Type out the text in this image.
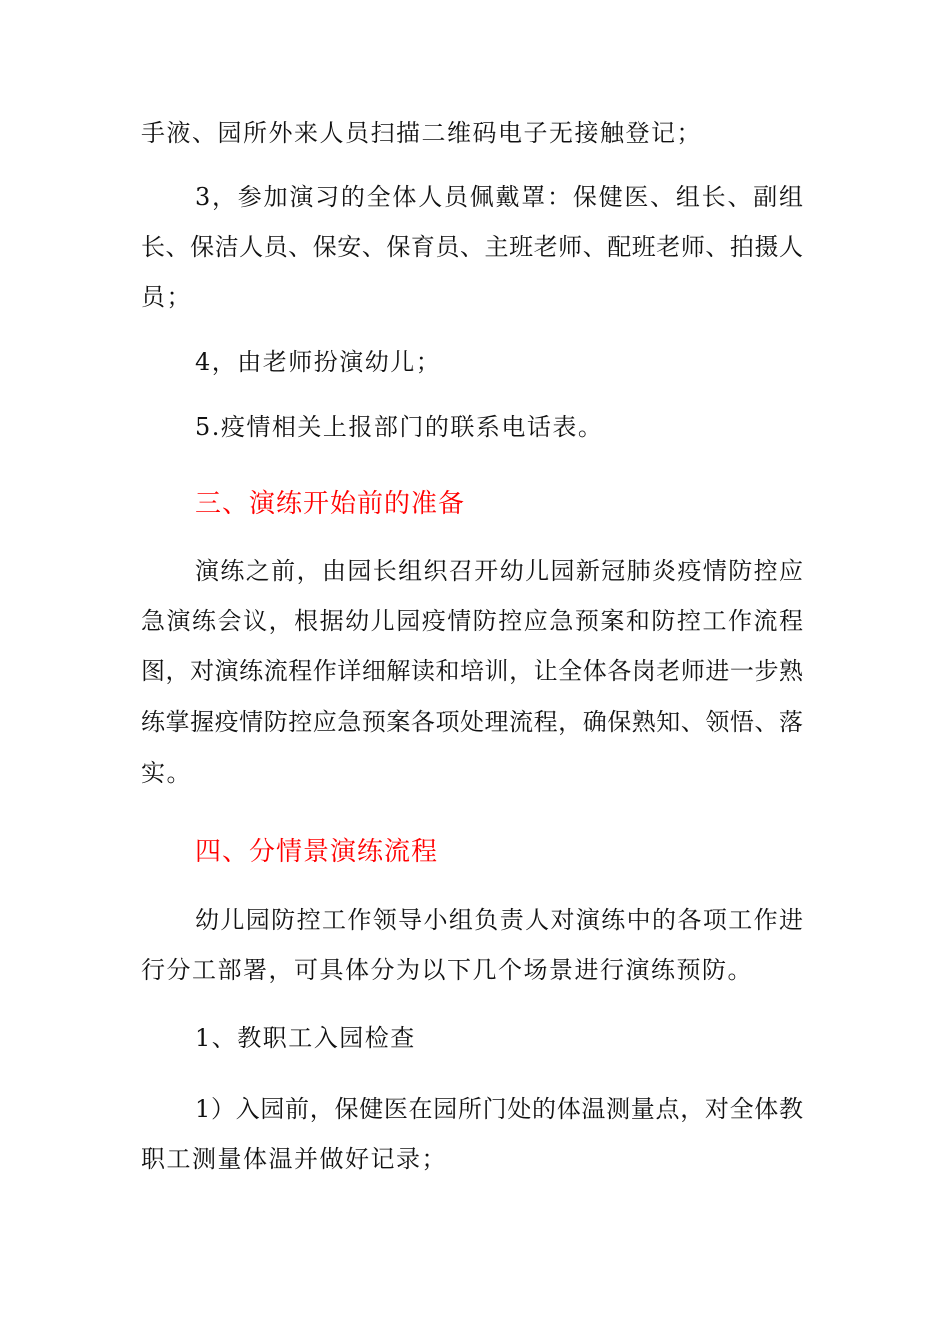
手液、园所外来人员扫描二维码电子无接触登记；
3，参加演习的全体人员佩戴罩：保健医、组长、副组
长、保洁人员、保安、保育员、主班老师、配班老师、拍摄人
员；
4，由老师扮演幼儿；
5.疫情相关上报部门的联系电话表。
三、演练开始前的准备
演练之前，由园长组织召开幼儿园新冠肺炎疫情防控应
急演练会议，根据幼儿园疫情防控应急预案和防控工作流程
图，对演练流程作详细解读和培训，让全体各岗老师进一步熟
练掌握疫情防控应急预案各项处理流程，确保熟知、领悟、落
实。
四、分情景演练流程
幼儿园防控工作领导小组负责人对演练中的各项工作进
行分工部署，可具体分为以下几个场景进行演练预防。
1、教职工入园检查
1）入园前，保健医在园所门处的体温测量点，对全体教
职工测量体温并做好记录；
